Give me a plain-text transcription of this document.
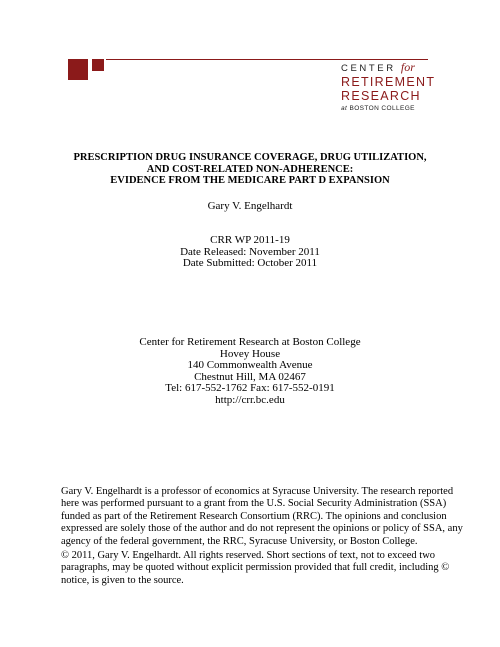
CENTER for
RETIREMENT
RESEARCH
at BOSTON COLLEGE
PRESCRIPTION DRUG INSURANCE COVERAGE, DRUG UTILIZATION,
AND COST-RELATED NON-ADHERENCE:
EVIDENCE FROM THE MEDICARE PART D EXPANSION
Gary V. Engelhardt
CRR WP 2011-19
Date Released: November 2011
Date Submitted: October 2011
Center for Retirement Research at Boston College
Hovey House
140 Commonwealth Avenue
Chestnut Hill, MA 02467
Tel: 617-552-1762 Fax: 617-552-0191
http://crr.bc.edu
Gary V. Engelhardt is a professor of economics at Syracuse University. The research reported
here was performed pursuant to a grant from the U.S. Social Security Administration (SSA)
funded as part of the Retirement Research Consortium (RRC). The opinions and conclusion
expressed are solely those of the author and do not represent the opinions or policy of SSA, any
agency of the federal government, the RRC, Syracuse University, or Boston College.
© 2011, Gary V. Engelhardt. All rights reserved. Short sections of text, not to exceed two
paragraphs, may be quoted without explicit permission provided that full credit, including ©
notice, is given to the source.
